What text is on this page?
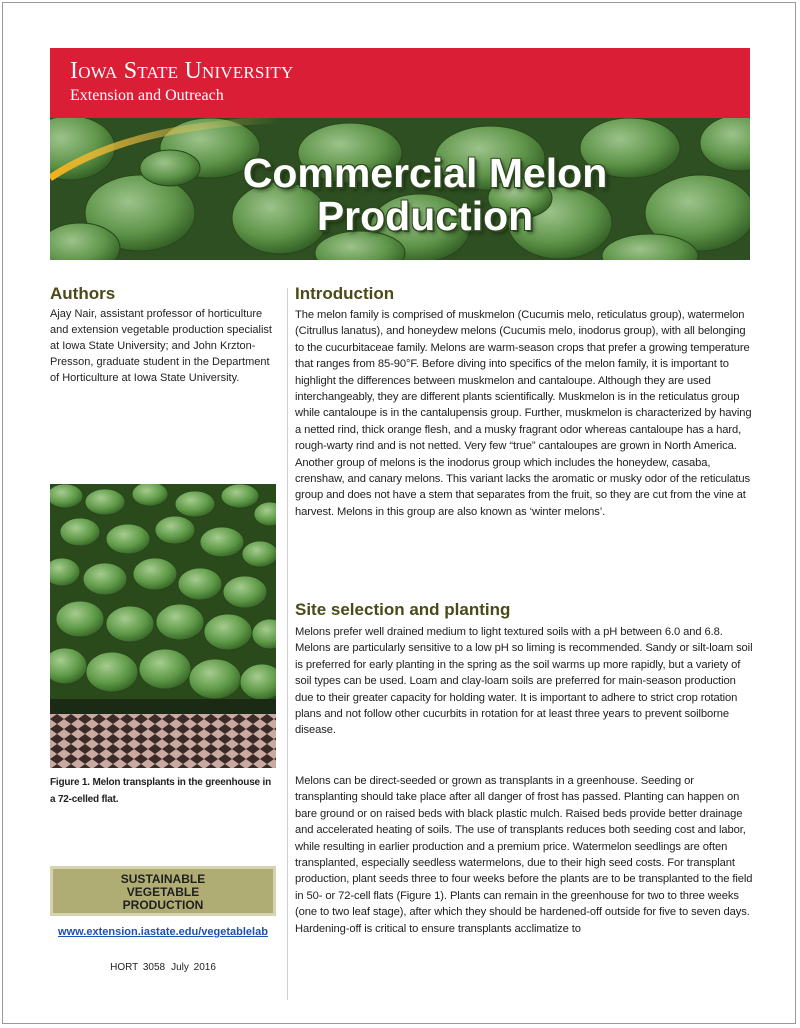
Iowa State University
Extension and Outreach
Commercial Melon
Production
Authors
Ajay Nair, assistant professor of horticulture and extension vegetable production specialist at Iowa State University; and John Krzton-Presson, graduate student in the Department of Horticulture at Iowa State University.
Figure 1. Melon transplants in the greenhouse in a 72-celled flat.
SUSTAINABLE
VEGETABLE
PRODUCTION
www.extension.iastate.edu/vegetablelab
HORT 3058 July 2016
Introduction
The melon family is comprised of muskmelon (Cucumis melo, reticulatus group), watermelon (Citrullus lanatus), and honeydew melons (Cucumis melo, inodorus group), with all belonging to the cucurbitaceae family. Melons are warm-season crops that prefer a growing temperature that ranges from 85-90°F. Before diving into specifics of the melon family, it is important to highlight the differences between muskmelon and cantaloupe. Although they are used interchangeably, they are different plants scientifically. Muskmelon is in the reticulatus group while cantaloupe is in the cantalupensis group. Further, muskmelon is characterized by having a netted rind, thick orange flesh, and a musky fragrant odor whereas cantaloupe has a hard, rough-warty rind and is not netted. Very few “true” cantaloupes are grown in North America. Another group of melons is the inodorus group which includes the honeydew, casaba, crenshaw, and canary melons. This variant lacks the aromatic or musky odor of the reticulatus group and does not have a stem that separates from the fruit, so they are cut from the vine at harvest. Melons in this group are also known as ‘winter melons’.
Site selection and planting
Melons prefer well drained medium to light textured soils with a pH between 6.0 and 6.8. Melons are particularly sensitive to a low pH so liming is recommended. Sandy or silt-loam soil is preferred for early planting in the spring as the soil warms up more rapidly, but a variety of soil types can be used. Loam and clay-loam soils are preferred for main-season production due to their greater capacity for holding water. It is important to adhere to strict crop rotation plans and not follow other cucurbits in rotation for at least three years to prevent soilborne disease.
Melons can be direct-seeded or grown as transplants in a greenhouse. Seeding or transplanting should take place after all danger of frost has passed. Planting can happen on bare ground or on raised beds with black plastic mulch. Raised beds provide better drainage and accelerated heating of soils. The use of transplants reduces both seeding cost and labor, while resulting in earlier production and a premium price. Watermelon seedlings are often transplanted, especially seedless watermelons, due to their high seed costs. For transplant production, plant seeds three to four weeks before the plants are to be transplanted to the field in 50- or 72-cell flats (Figure 1). Plants can remain in the greenhouse for two to three weeks (one to two leaf stage), after which they should be hardened-off outside for five to seven days. Hardening-off is critical to ensure transplants acclimatize to
